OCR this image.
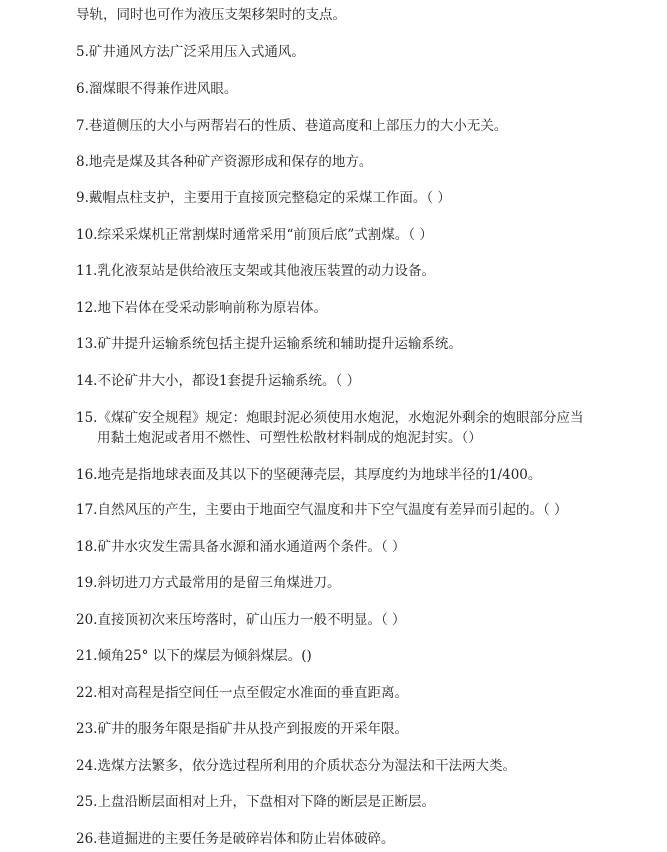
导轨，同时也可作为液压支架移架时的支点。
5.矿井通风方法广泛采用压入式通风。
6.溜煤眼不得兼作进风眼。
7.巷道侧压的大小与两帮岩石的性质、巷道高度和上部压力的大小无关。
8.地壳是煤及其各种矿产资源形成和保存的地方。
9.戴帽点柱支护，主要用于直接顶完整稳定的采煤工作面。（ ）
10.综采采煤机正常割煤时通常采用“前顶后底”式割煤。（ ）
11.乳化液泵站是供给液压支架或其他液压装置的动力设备。
12.地下岩体在受采动影响前称为原岩体。
13.矿井提升运输系统包括主提升运输系统和辅助提升运输系统。
14.不论矿井大小，都设1套提升运输系统。（ ）
15.《煤矿安全规程》规定：炮眼封泥必须使用水炮泥，水炮泥外剩余的炮眼部分应当
用黏土炮泥或者用不燃性、可塑性松散材料制成的炮泥封实。（）
16.地壳是指地球表面及其以下的坚硬薄壳层，其厚度约为地球半径的1/400。
17.自然风压的产生，主要由于地面空气温度和井下空气温度有差异而引起的。（ ）
18.矿井水灾发生需具备水源和涌水通道两个条件。（ ）
19.斜切进刀方式最常用的是留三角煤进刀。
20.直接顶初次来压垮落时，矿山压力一般不明显。（ ）
21.倾角25° 以下的煤层为倾斜煤层。()
22.相对高程是指空间任一点至假定水准面的垂直距离。
23.矿井的服务年限是指矿井从投产到报废的开采年限。
24.选煤方法繁多，依分选过程所利用的介质状态分为湿法和干法两大类。
25.上盘沿断层面相对上升，下盘相对下降的断层是正断层。
26.巷道掘进的主要任务是破碎岩体和防止岩体破碎。
